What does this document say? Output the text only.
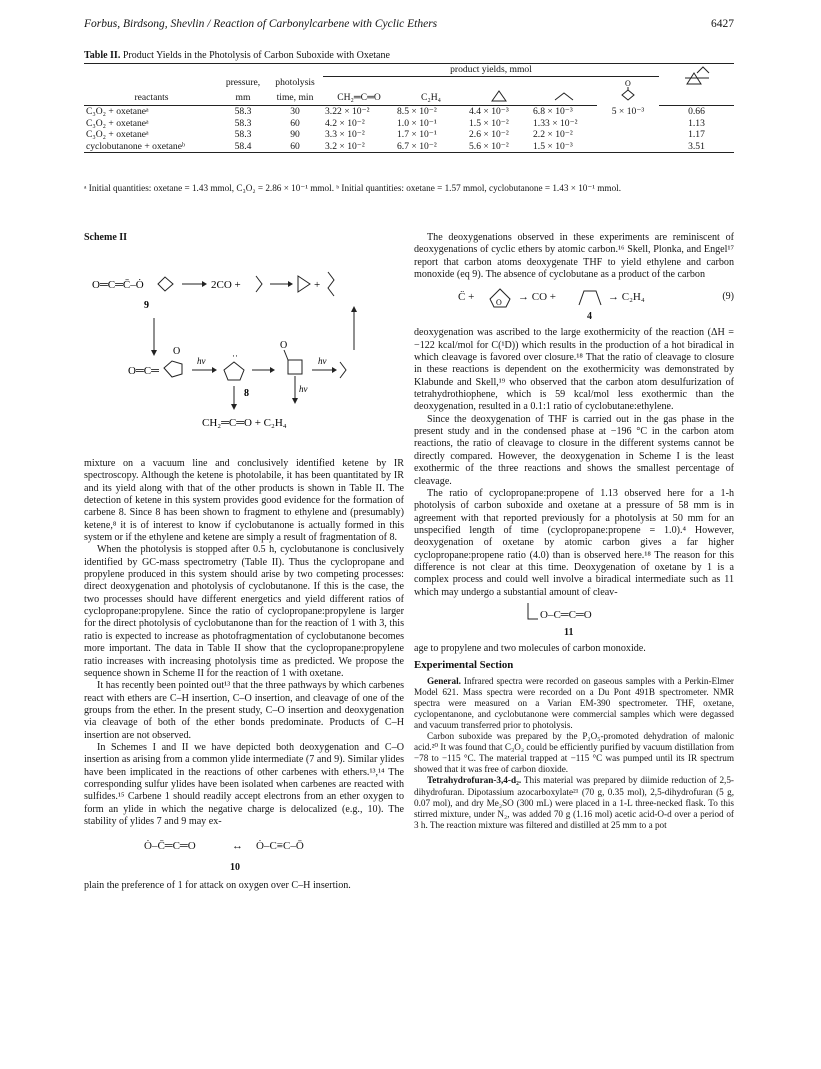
Forbus, Birdsong, Shevlin / Reaction of Carbonylcarbene with Cyclic Ethers	6427
Table II. Product Yields in the Photolysis of Carbon Suboxide with Oxetane
			product yields, mmol	
	pressure,	photolysis					O	

reactants	mm	time, min	CH₂═C═O	C₂H₄			
C₃O₂ + oxetaneᵃ	58.3	30	3.22 × 10⁻²	8.5 × 10⁻²	4.4 × 10⁻³	6.8 × 10⁻³	5 × 10⁻³	0.66
C₃O₂ + oxetaneᵃ	58.3	60	4.2 × 10⁻²	1.0 × 10⁻¹	1.5 × 10⁻²	1.33 × 10⁻²		1.13
C₃O₂ + oxetaneᵃ	58.3	90	3.3 × 10⁻²	1.7 × 10⁻¹	2.6 × 10⁻²	2.2 × 10⁻²		1.17
cyclobutanone + oxetaneᵇ	58.4	60	3.2 × 10⁻²	6.7 × 10⁻²	5.6 × 10⁻²	1.5 × 10⁻³		3.51
ᵃ Initial quantities: oxetane = 1.43 mmol, C₃O₂ = 2.86 × 10⁻¹ mmol. ᵇ Initial quantities: oxetane = 1.57 mmol, cyclobutanone = 1.43 × 10⁻¹ mmol.
Scheme II
O═C═C̄–Ȯ
9
2CO +	+
O═C═
O
hν	··
O
hν
8	hν
CH₂═C═O + C₂H₄

mixture on a vacuum line and conclusively identified ketene by IR spectroscopy. Although the ketene is photolabile, it has been quantitated by IR and its yield along with that of the other products is shown in Table II. The detection of ketene in this system provides good evidence for the formation of carbene 8. Since 8 has been shown to fragment to ethylene and (presumably) ketene,⁸ it is of interest to know if cyclobutanone is actually formed in this system or if the ethylene and ketene are simply a result of fragmentation of 8.

When the photolysis is stopped after 0.5 h, cyclobutanone is conclusively identified by GC-mass spectrometry (Table II). Thus the cyclopropane and propylene produced in this system should arise by two competing processes: direct deoxygenation and photolysis of cyclobutanone. If this is the case, the two processes should have different energetics and yield different ratios of cyclopropane:propylene. Since the ratio of cyclopropane:propylene is larger for the direct photolysis of cyclobutanone than for the reaction of 1 with 3, this ratio is expected to increase as photofragmentation of cyclobutanone becomes more important. The data in Table II show that the cyclopropane:propylene ratio increases with increasing photolysis time as predicted. We propose the sequence shown in Scheme II for the reaction of 1 with oxetane.

It has recently been pointed out¹³ that the three pathways by which carbenes react with ethers are C–H insertion, C–O insertion, and cleavage of one of the groups from the ether. In the present study, C–O insertion and deoxygenation via cleavage of both of the ether bonds predominate. Products of C–H insertion are not observed.

In Schemes I and II we have depicted both deoxygenation and C–O insertion as arising from a common ylide intermediate (7 and 9). Similar ylides have been implicated in the reactions of other carbenes with ethers.¹³,¹⁴ The corresponding sulfur ylides have been isolated when carbenes are reacted with sulfides.¹⁵ Carbene 1 should readily accept electrons from an ether oxygen to form an ylide in which the negative charge is delocalized (e.g., 10). The stability of ylides 7 and 9 may ex-

Ȯ–C̄═C═O	↔ Ȯ–C≡C–Ō
10

plain the preference of 1 for attack on oxygen over C–H insertion.

The deoxygenations observed in these experiments are reminiscent of deoxygenations of cyclic ethers by atomic carbon.¹⁶ Skell, Plonka, and Engel¹⁷ report that carbon atoms deoxygenate THF to yield ethylene and carbon monoxide (eq 9). The absence of cyclobutane as a product of the carbon

C̈ +	O → CO +	→ C₂H₄
4
(9)

deoxygenation was ascribed to the large exothermicity of the reaction (ΔH = −122 kcal/mol for C(¹D)) which results in the production of a hot biradical in which cleavage is favored over closure.¹⁸ That the ratio of cleavage to closure in these reactions is dependent on the exothermicity was demonstrated by Klabunde and Skell,¹⁹ who observed that the carbon atom desulfurization of tetrahydrothiophene, which is 59 kcal/mol less exothermic than the deoxygenation, resulted in a 0.1:1 ratio of cyclobutane:ethylene.

Since the deoxygenation of THF is carried out in the gas phase in the present study and in the condensed phase at −196 °C in the carbon atom reactions, the ratio of cleavage to closure in the different systems cannot be directly compared. However, the deoxygenation in Scheme I is the least exothermic of the three reactions and shows the smallest percentage of cleavage.

The ratio of cyclopropane:propene of 1.13 observed here for a 1-h photolysis of carbon suboxide and oxetane at a pressure of 58 mm is in agreement with that reported previously for a photolysis at 50 mm for an unspecified length of time (cyclopropane:propene = 1.0).⁴ However, deoxygenation of oxetane by atomic carbon gives a far higher cyclopropane:propene ratio (4.0) than is observed here.¹⁸ The reason for this difference is not clear at this time. Deoxygenation of oxetane by 1 is a complex process and could well involve a biradical intermediate such as 11 which may undergo a substantial amount of cleav-

O–C═C═O
11

age to propylene and two molecules of carbon monoxide.

Experimental Section

General. Infrared spectra were recorded on gaseous samples with a Perkin-Elmer Model 621. Mass spectra were recorded on a Du Pont 491B spectrometer. NMR spectra were measured on a Varian EM-390 spectrometer. THF, oxetane, cyclopentanone, and cyclobutanone were commercial samples which were degassed and vacuum transferred prior to photolysis.

Carbon suboxide was prepared by the P₂O₅-promoted dehydration of malonic acid.²⁰ It was found that C₃O₂ could be efficiently purified by vacuum distillation from −78 to −115 °C. The material trapped at −115 °C was pumped until its IR spectrum showed that it was free of carbon dioxide.

Tetrahydrofuran-3,4-d₂. This material was prepared by diimide reduction of 2,5-dihydrofuran. Dipotassium azocarboxylate²¹ (70 g, 0.35 mol), 2,5-dihydrofuran (5 g, 0.07 mol), and dry Me₂SO (300 mL) were placed in a 1-L three-necked flask. To this stirred mixture, under N₂, was added 70 g (1.16 mol) acetic acid-O-d over a period of 3 h. The reaction mixture was filtered and distilled at 25 mm to a pot
